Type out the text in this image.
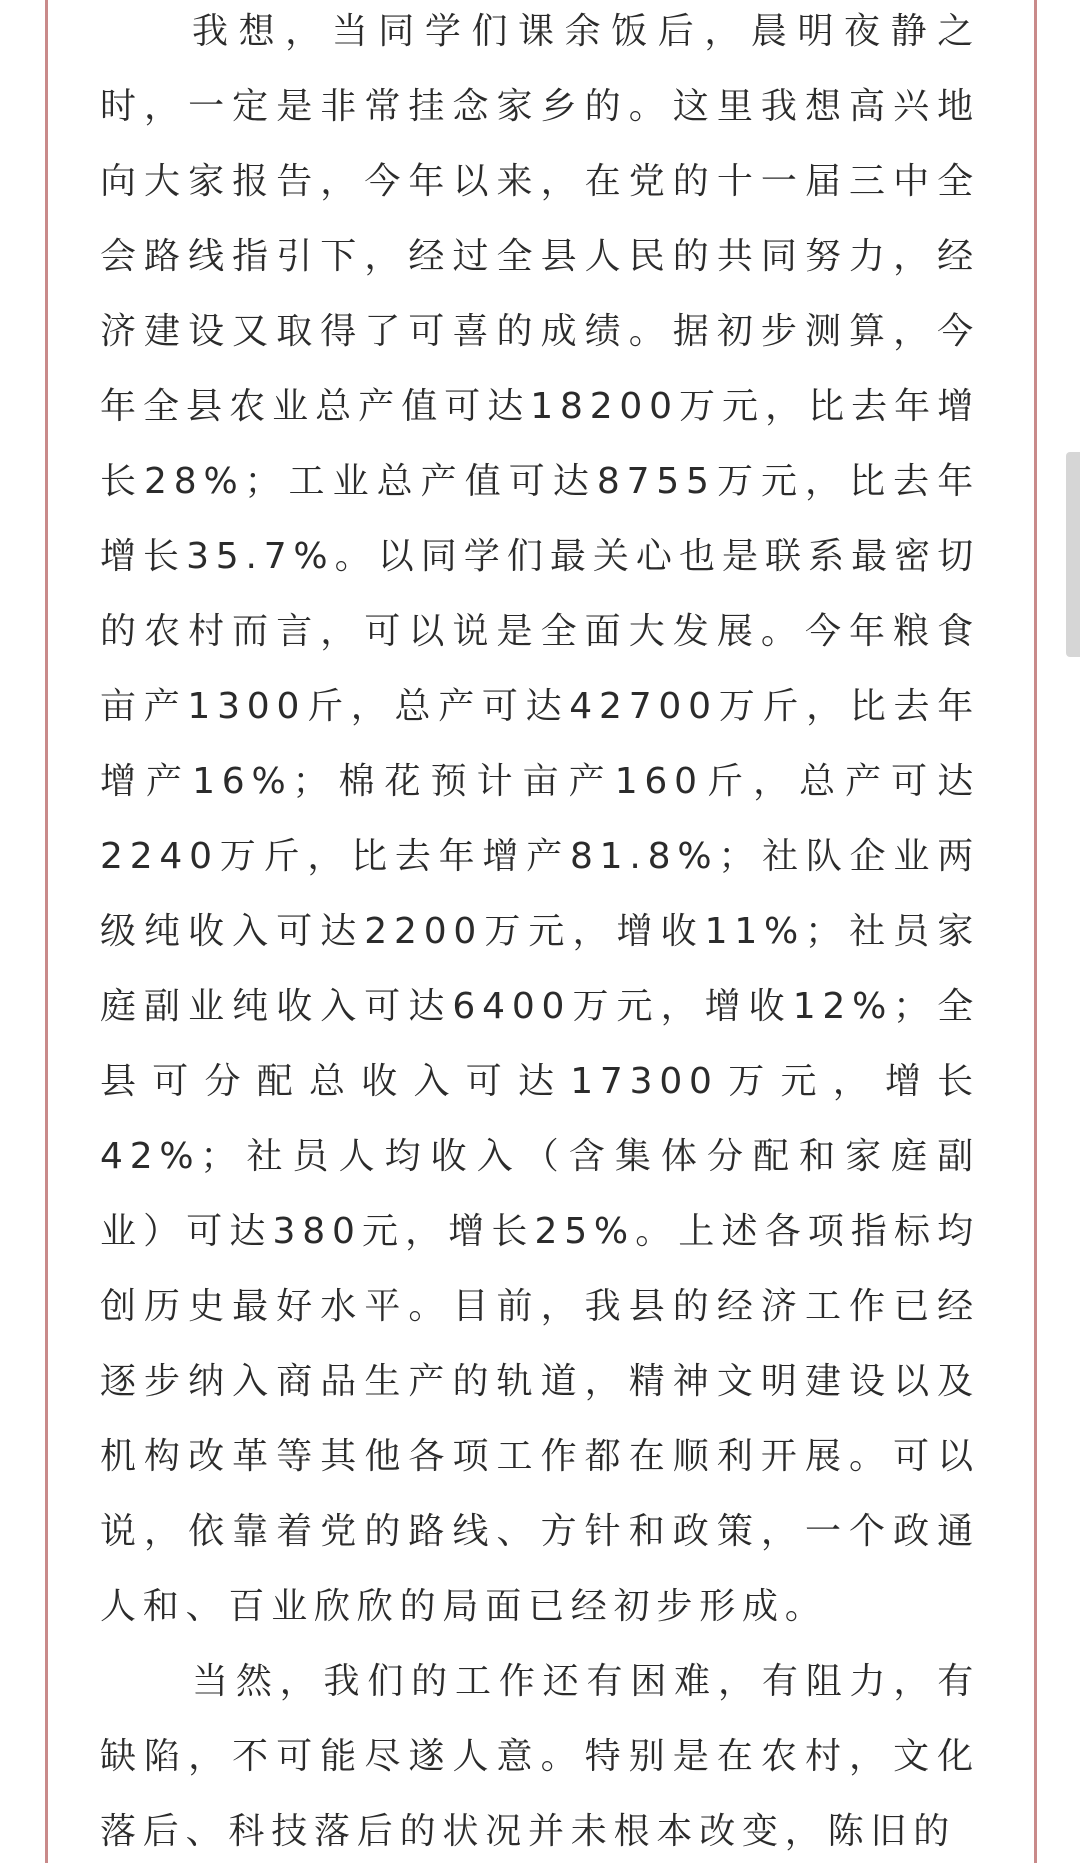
我想，当同学们课余饭后，晨明夜静之时，一定是非常挂念家乡的。这里我想高兴地向大家报告，今年以来，在党的十一届三中全会路线指引下，经过全县人民的共同努力，经济建设又取得了可喜的成绩。据初步测算，今年全县农业总产值可达18200万元，比去年增长28%；工业总产值可达8755万元，比去年增长35.7%。以同学们最关心也是联系最密切的农村而言，可以说是全面大发展。今年粮食亩产1300斤，总产可达42700万斤，比去年增产16%；棉花预计亩产160斤，总产可达2240万斤，比去年增产81.8%；社队企业两级纯收入可达2200万元，增收11%；社员家庭副业纯收入可达6400万元，增收12%；全县可分配总收入可达17300万元，增长42%；社员人均收入（含集体分配和家庭副业）可达380元，增长25%。上述各项指标均创历史最好水平。目前，我县的经济工作已经逐步纳入商品生产的轨道，精神文明建设以及机构改革等其他各项工作都在顺利开展。可以说，依靠着党的路线、方针和政策，一个政通人和、百业欣欣的局面已经初步形成。

当然，我们的工作还有困难，有阻力，有缺陷，不可能尽遂人意。特别是在农村，文化落后、科技落后的状况并未根本改变，陈旧的
